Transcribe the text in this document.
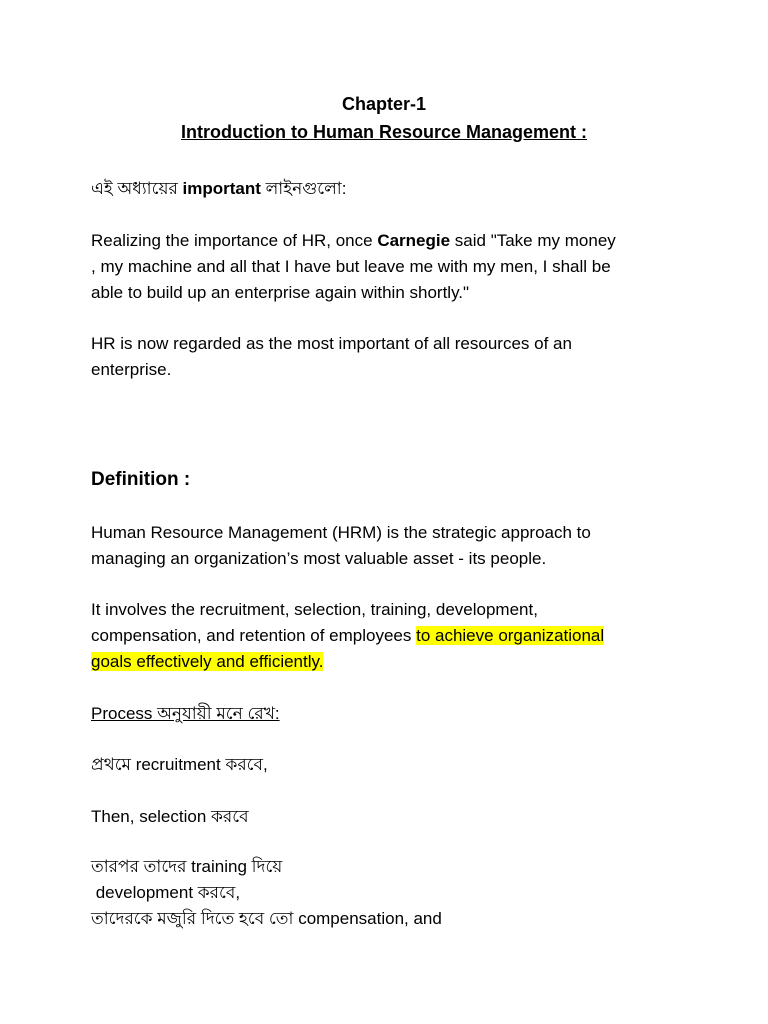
Chapter-1
Introduction to Human Resource Management :
এই অধ্যায়ের important লাইনগুলো:
Realizing the importance of HR, once Carnegie said "Take my money
, my machine and all that I have but leave me with my men, I shall be
able to build up an enterprise again within shortly."
HR is now regarded as the most important of all resources of an
enterprise.
Definition :
Human Resource Management (HRM) is the strategic approach to
managing an organization’s most valuable asset - its people.
It involves the recruitment, selection, training, development,
compensation, and retention of employees to achieve organizational
goals effectively and efficiently.
Process অনুযায়ী মনে রেখ:
প্রথমে recruitment করবে,
Then, selection করবে
তারপর তাদের training দিয়ে
development করবে,
তাদেরকে মজুরি দিতে হবে তো compensation, and
